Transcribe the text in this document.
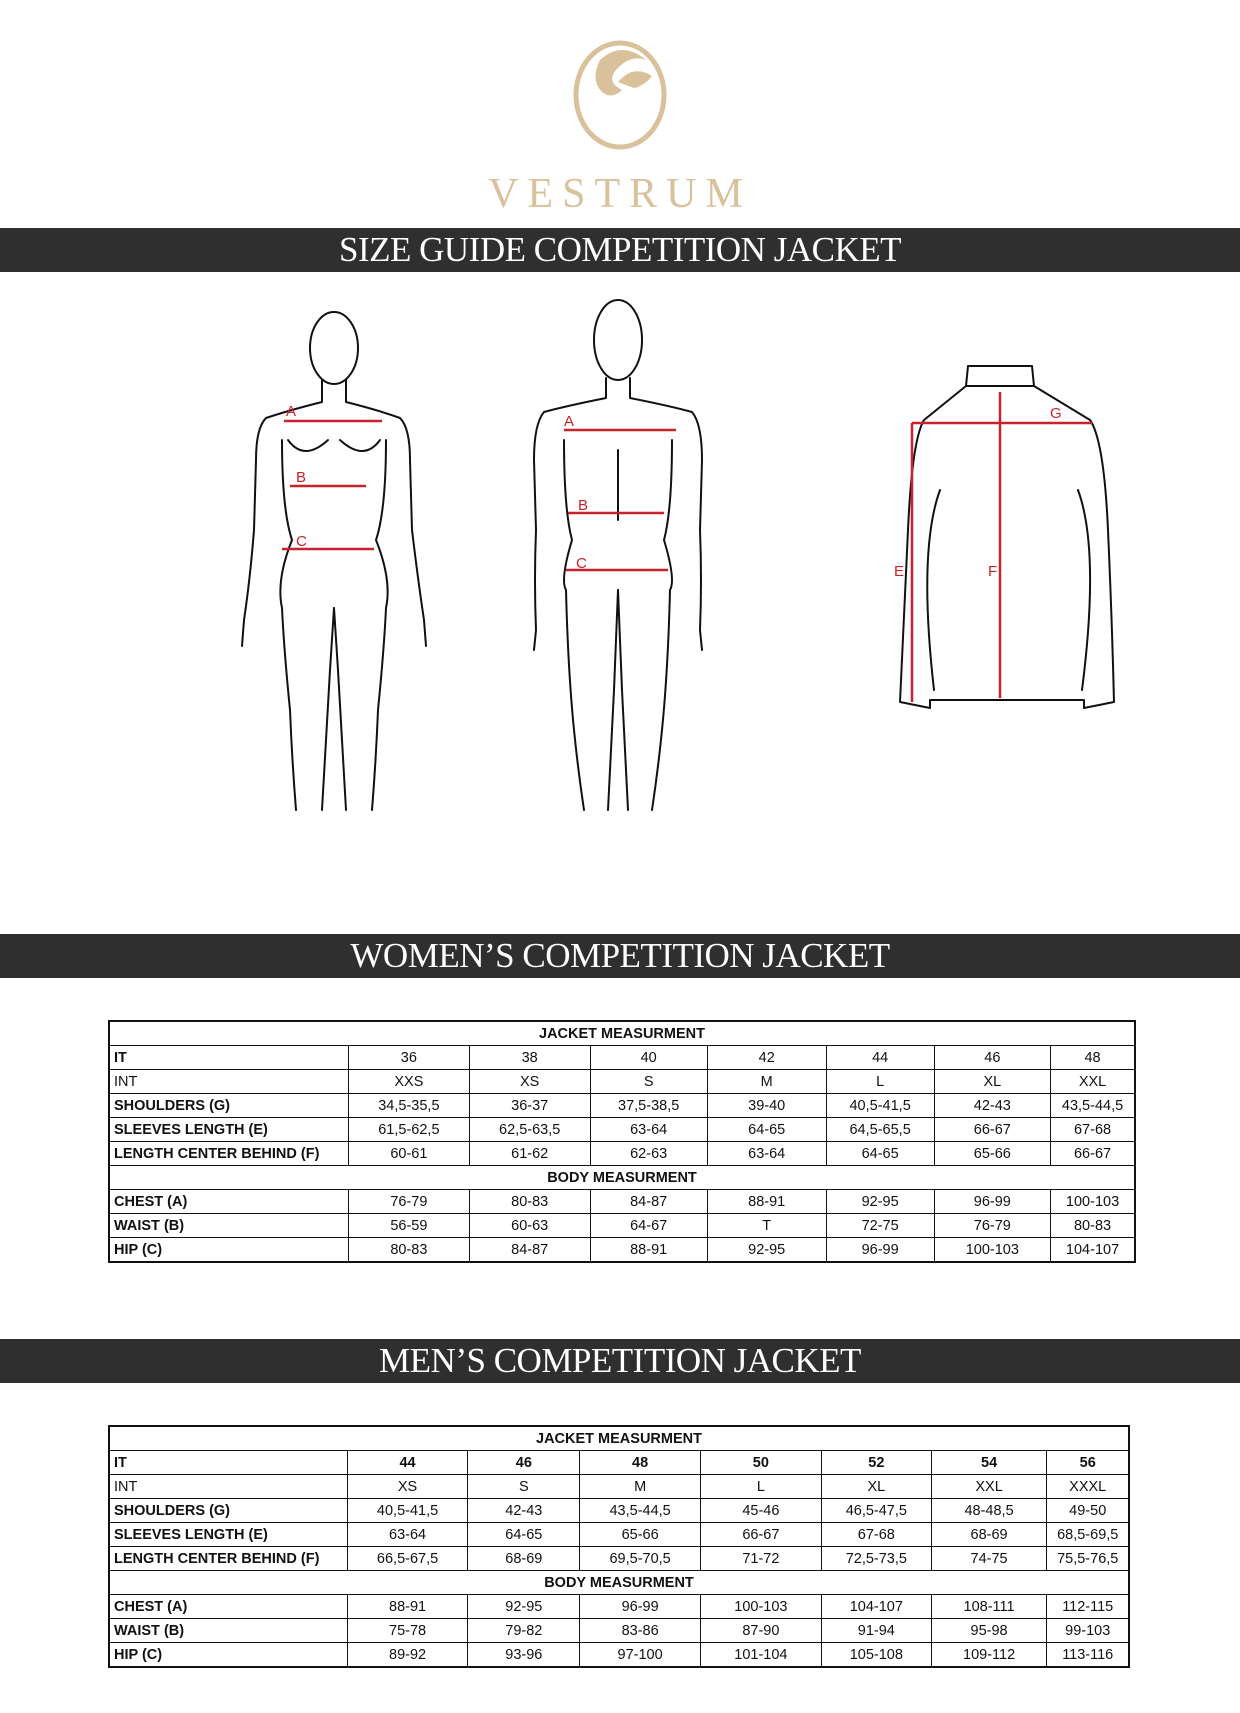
VESTRUM
SIZE GUIDE COMPETITION JACKET
A
B
C
A
B
C
G
E	F
WOMEN’S COMPETITION JACKET
JACKET MEASURMENT							
IT	36	38	40	42	44	46	48
INT	XXS	XS	S	M	L	XL	XXL
SHOULDERS (G)	34,5-35,5	36-37	37,5-38,5	39-40	40,5-41,5	42-43	43,5-44,5
SLEEVES LENGTH (E)	61,5-62,5	62,5-63,5	63-64	64-65	64,5-65,5	66-67	67-68
LENGTH CENTER BEHIND (F)	60-61	61-62	62-63	63-64	64-65	65-66	66-67
BODY MEASURMENT							
CHEST (A)	76-79	80-83	84-87	88-91	92-95	96-99	100-103
WAIST (B)	56-59	60-63	64-67	T	72-75	76-79	80-83
HIP (C)	80-83	84-87	88-91	92-95	96-99	100-103	104-107
MEN’S COMPETITION JACKET
JACKET MEASURMENT							
IT	44	46	48	50	52	54	56
INT	XS	S	M	L	XL	XXL	XXXL
SHOULDERS (G)	40,5-41,5	42-43	43,5-44,5	45-46	46,5-47,5	48-48,5	49-50
SLEEVES LENGTH (E)	63-64	64-65	65-66	66-67	67-68	68-69	68,5-69,5
LENGTH CENTER BEHIND (F)	66,5-67,5	68-69	69,5-70,5	71-72	72,5-73,5	74-75	75,5-76,5
BODY MEASURMENT							
CHEST (A)	88-91	92-95	96-99	100-103	104-107	108-111	112-115
WAIST (B)	75-78	79-82	83-86	87-90	91-94	95-98	99-103
HIP (C)	89-92	93-96	97-100	101-104	105-108	109-112	113-116
